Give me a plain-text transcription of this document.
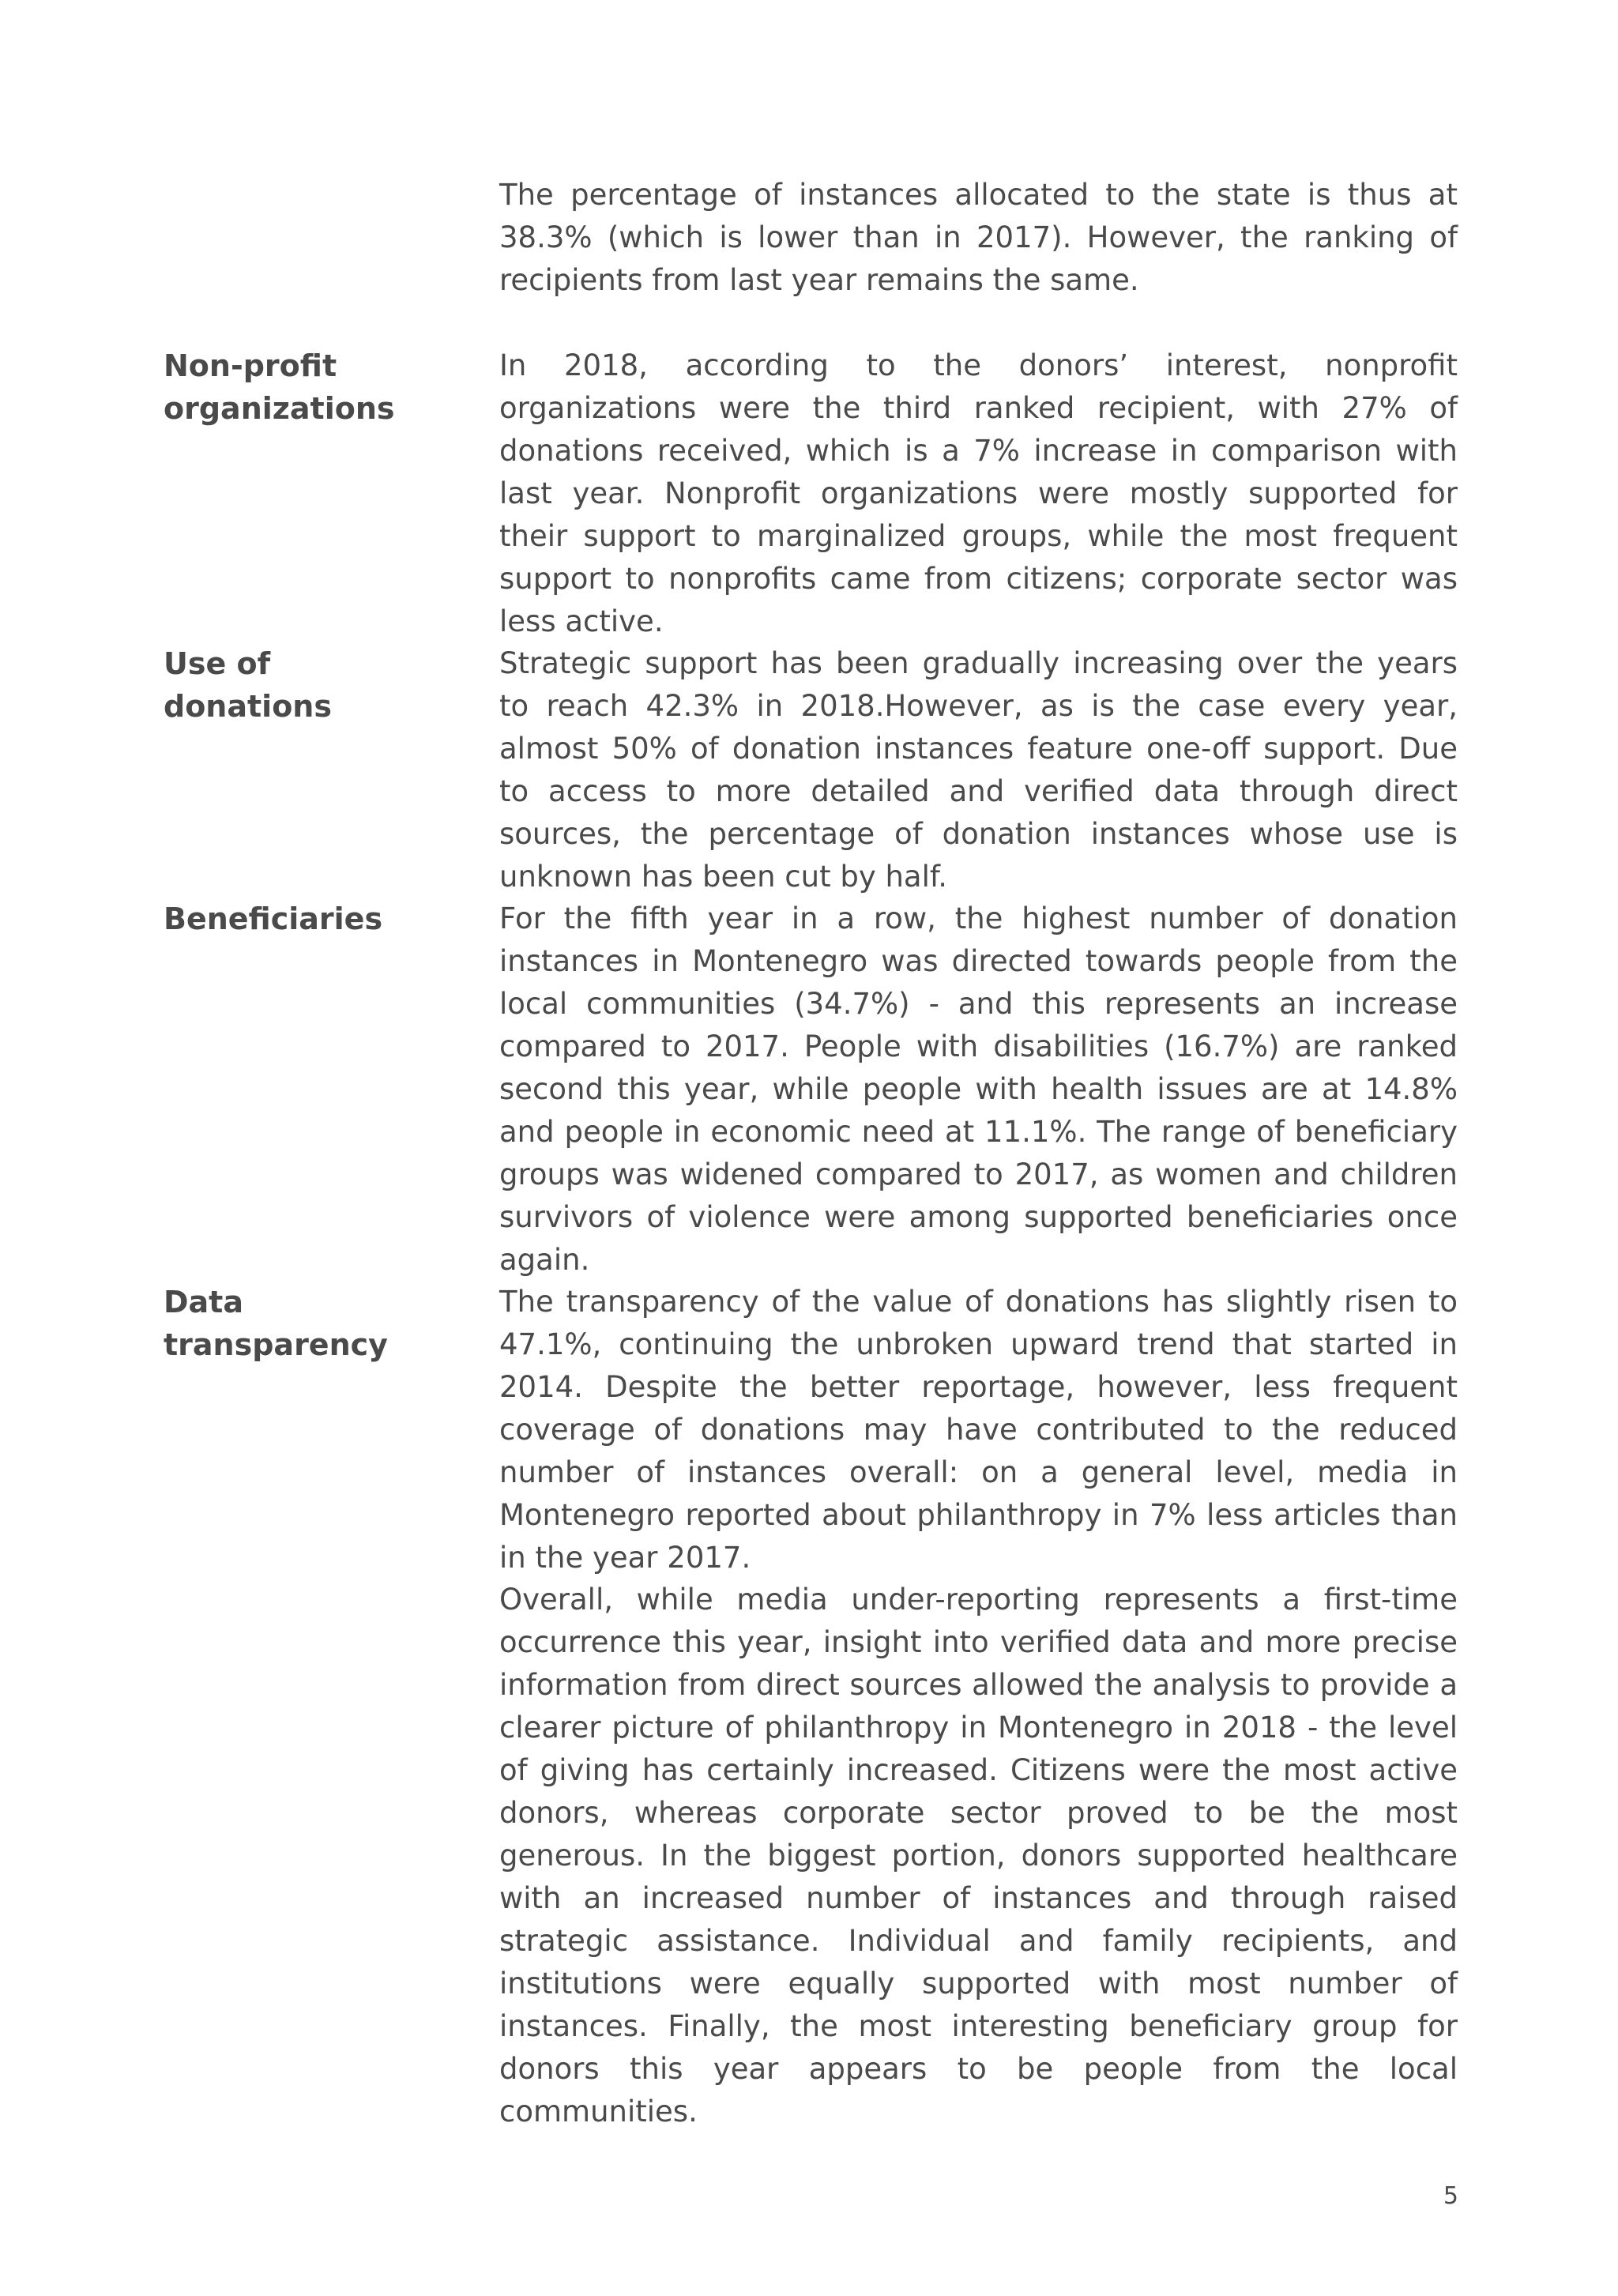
The percentage of instances allocated to the state is thus at 38.3% (which is lower than in 2017). However, the ranking of recipients from last year remains the same.

Non-profit organizations

In 2018, according to the donors’ interest, nonprofit organizations were the third ranked recipient, with 27% of donations received, which is a 7% increase in comparison with last year. Nonprofit organizations were mostly supported for their support to marginalized groups, while the most frequent support to nonprofits came from citizens; corporate sector was less active.

Use of donations

Strategic support has been gradually increasing over the years to reach 42.3% in 2018.However, as is the case every year, almost 50% of donation instances feature one-off support. Due to access to more detailed and verified data through direct sources, the percentage of donation instances whose use is unknown has been cut by half.

Beneficiaries	For the fifth year in a row, the highest number of donation instances in Montenegro was directed towards people from the local communities (34.7%) - and this represents an increase compared to 2017. People with disabilities (16.7%) are ranked second this year, while people with health issues are at 14.8% and people in economic need at 11.1%. The range of beneficiary groups was widened compared to 2017, as women and children survivors of violence were among supported beneficiaries once again.

Data transparency

The transparency of the value of donations has slightly risen to 47.1%, continuing the unbroken upward trend that started in 2014. Despite the better reportage, however, less frequent coverage of donations may have contributed to the reduced number of instances overall: on a general level, media in Montenegro reported about philanthropy in 7% less articles than in the year 2017.

Overall, while media under-reporting represents a first-time occurrence this year, insight into verified data and more precise information from direct sources allowed the analysis to provide a clearer picture of philanthropy in Montenegro in 2018 - the level of giving has certainly increased. Citizens were the most active donors, whereas corporate sector proved to be the most generous. In the biggest portion, donors supported healthcare with an increased number of instances and through raised strategic assistance. Individual and family recipients, and institutions were equally supported with most number of instances. Finally, the most interesting beneficiary group for donors this year appears to be people from the local communities.

5
